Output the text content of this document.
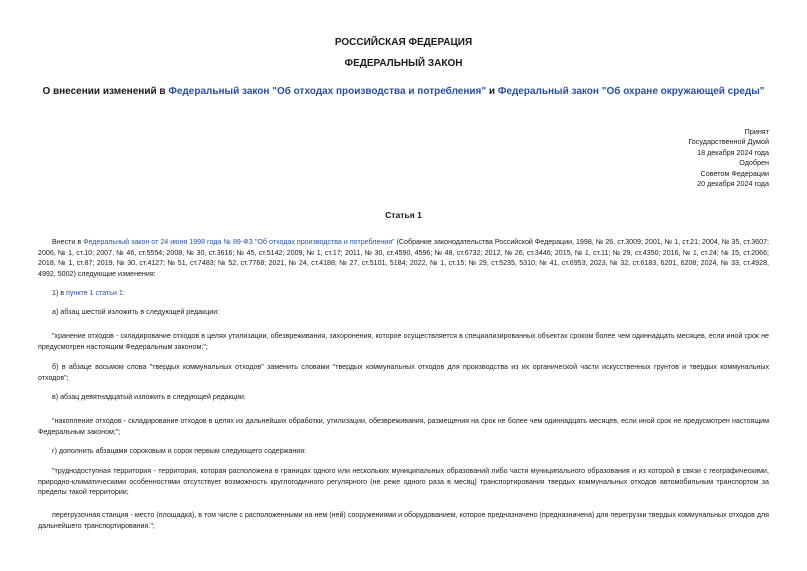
РОССИЙСКАЯ ФЕДЕРАЦИЯ
ФЕДЕРАЛЬНЫЙ ЗАКОН
О внесении изменений в Федеральный закон "Об отходах производства и потребления" и Федеральный закон "Об охране окружающей среды"
Принят
Государственной Думой
18 декабря 2024 года
Одобрен
Советом Федерации
20 декабря 2024 года
Статья 1

Внести в Федеральный закон от 24 июня 1998 года № 89-ФЗ "Об отходах производства и потребления" (Собрание законодательства Российской Федерации, 1998, № 26, ст.3009; 2001, № 1, ст.21; 2004, № 35, ст.3607; 2006, № 1, ст.10; 2007, № 46, ст.5554; 2008, № 30, ст.3616; № 45, ст.5142; 2009, № 1, ст.17; 2011, № 30, ст.4590, 4596; № 48, ст.6732; 2012, № 26, ст.3446; 2015, № 1, ст.11; № 29, ст.4350; 2016, № 1, ст.24; № 15, ст.2066; 2018, № 1, ст.87; 2019, № 30, ст.4127; № 51, ст.7483; № 52, ст.7768; 2021, № 24, ст.4188; № 27, ст.5101, 5184; 2022, № 1, ст.15; № 29, ст.5235, 5310; № 41, ст.6953; 2023, № 32, ст.6183, 6201, 6208; 2024, № 33, ст.4928, 4992, 5002) следующие изменения:

1) в пункте 1 статьи 1:

а) абзац шестой изложить в следующей редакции:

"хранение отходов - складирование отходов в целях утилизации, обезвреживания, захоронения, которое осуществляется в специализированных объектах сроком более чем одиннадцать месяцев, если иной срок не предусмотрен настоящим Федеральным законом;";

б) в абзаце восьмом слова "твердых коммунальных отходов" заменить словами "твердых коммунальных отходов для производства из их органической части искусственных грунтов и твердых коммунальных отходов";

в) абзац девятнадцатый изложить в следующей редакции:

"накопление отходов - складирование отходов в целях их дальнейших обработки, утилизации, обезвреживания, размещения на срок не более чем одиннадцать месяцев, если иной срок не предусмотрен настоящим Федеральным законом;";

г) дополнить абзацами сороковым и сорок первым следующего содержания:

"труднодоступная территория - территория, которая расположена в границах одного или нескольких муниципальных образований либо части муниципального образования и из которой в связи с географическими, природно-климатическими особенностями отсутствует возможность круглогодичного регулярного (не реже одного раза в месяц) транспортирования твердых коммунальных отходов автомобильным транспортом за пределы такой территории;

перегрузочная станция - место (площадка), в том числе с расположенными на нем (ней) сооружениями и оборудованием, которое предназначено (предназначена) для перегрузки твердых коммунальных отходов для дальнейшего транспортирования.";
